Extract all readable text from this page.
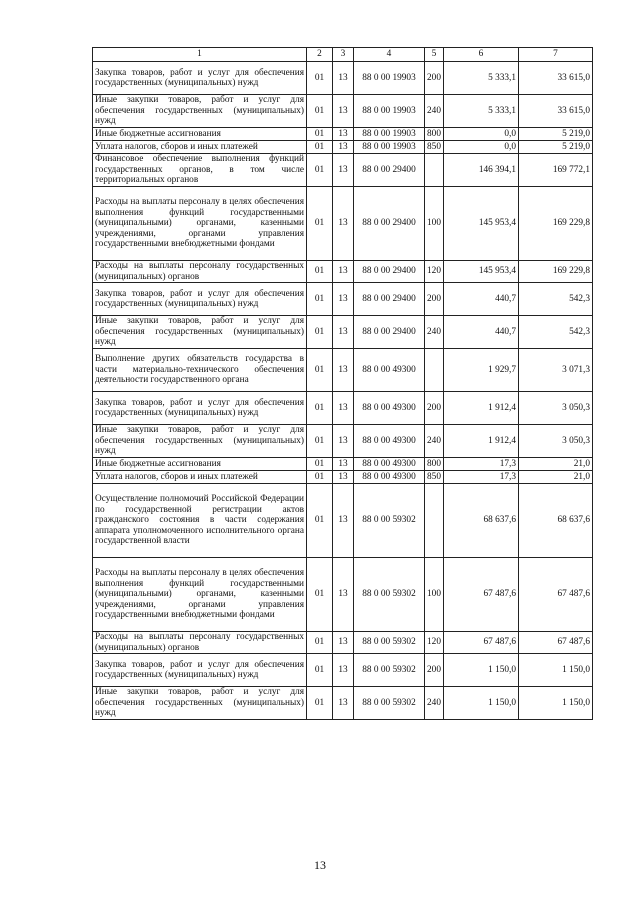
1	2	3	4	5	6	7
Закупка товаров, работ и услуг для обеспечения государственных (муниципальных) нужд	01	13	88 0 00 19903	200	5 333,1	33 615,0
Иные закупки товаров, работ и услуг для обеспечения государственных (муниципальных) нужд	01	13	88 0 00 19903	240	5 333,1	33 615,0
Иные бюджетные ассигнования	01	13	88 0 00 19903	800	0,0	5 219,0
Уплата налогов, сборов и иных платежей	01	13	88 0 00 19903	850	0,0	5 219,0
Финансовое обеспечение выполнения функций государственных органов, в том числе территориальных органов	01	13	88 0 00 29400		146 394,1	169 772,1
Расходы на выплаты персоналу в целях обеспечения выполнения функций государственными (муниципальными) органами, казенными учреждениями, органами управления государственными внебюджетными фондами	01	13	88 0 00 29400	100	145 953,4	169 229,8
Расходы на выплаты персоналу государственных (муниципальных) органов	01	13	88 0 00 29400	120	145 953,4	169 229,8
Закупка товаров, работ и услуг для обеспечения государственных (муниципальных) нужд	01	13	88 0 00 29400	200	440,7	542,3
Иные закупки товаров, работ и услуг для обеспечения государственных (муниципальных) нужд	01	13	88 0 00 29400	240	440,7	542,3
Выполнение других обязательств государства в части материально-технического обеспечения деятельности государственного органа	01	13	88 0 00 49300		1 929,7	3 071,3
Закупка товаров, работ и услуг для обеспечения государственных (муниципальных) нужд	01	13	88 0 00 49300	200	1 912,4	3 050,3
Иные закупки товаров, работ и услуг для обеспечения государственных (муниципальных) нужд	01	13	88 0 00 49300	240	1 912,4	3 050,3
Иные бюджетные ассигнования	01	13	88 0 00 49300	800	17,3	21,0
Уплата налогов, сборов и иных платежей	01	13	88 0 00 49300	850	17,3	21,0
Осуществление полномочий Российской Федерации по государственной регистрации актов гражданского состояния в части содержания аппарата уполномоченного исполнительного органа государственной власти	01	13	88 0 00 59302		68 637,6	68 637,6
Расходы на выплаты персоналу в целях обеспечения выполнения функций государственными (муниципальными) органами, казенными учреждениями, органами управления государственными внебюджетными фондами	01	13	88 0 00 59302	100	67 487,6	67 487,6
Расходы на выплаты персоналу государственных (муниципальных) органов	01	13	88 0 00 59302	120	67 487,6	67 487,6
Закупка товаров, работ и услуг для обеспечения государственных (муниципальных) нужд	01	13	88 0 00 59302	200	1 150,0	1 150,0
Иные закупки товаров, работ и услуг для обеспечения государственных (муниципальных) нужд	01	13	88 0 00 59302	240	1 150,0	1 150,0
13
